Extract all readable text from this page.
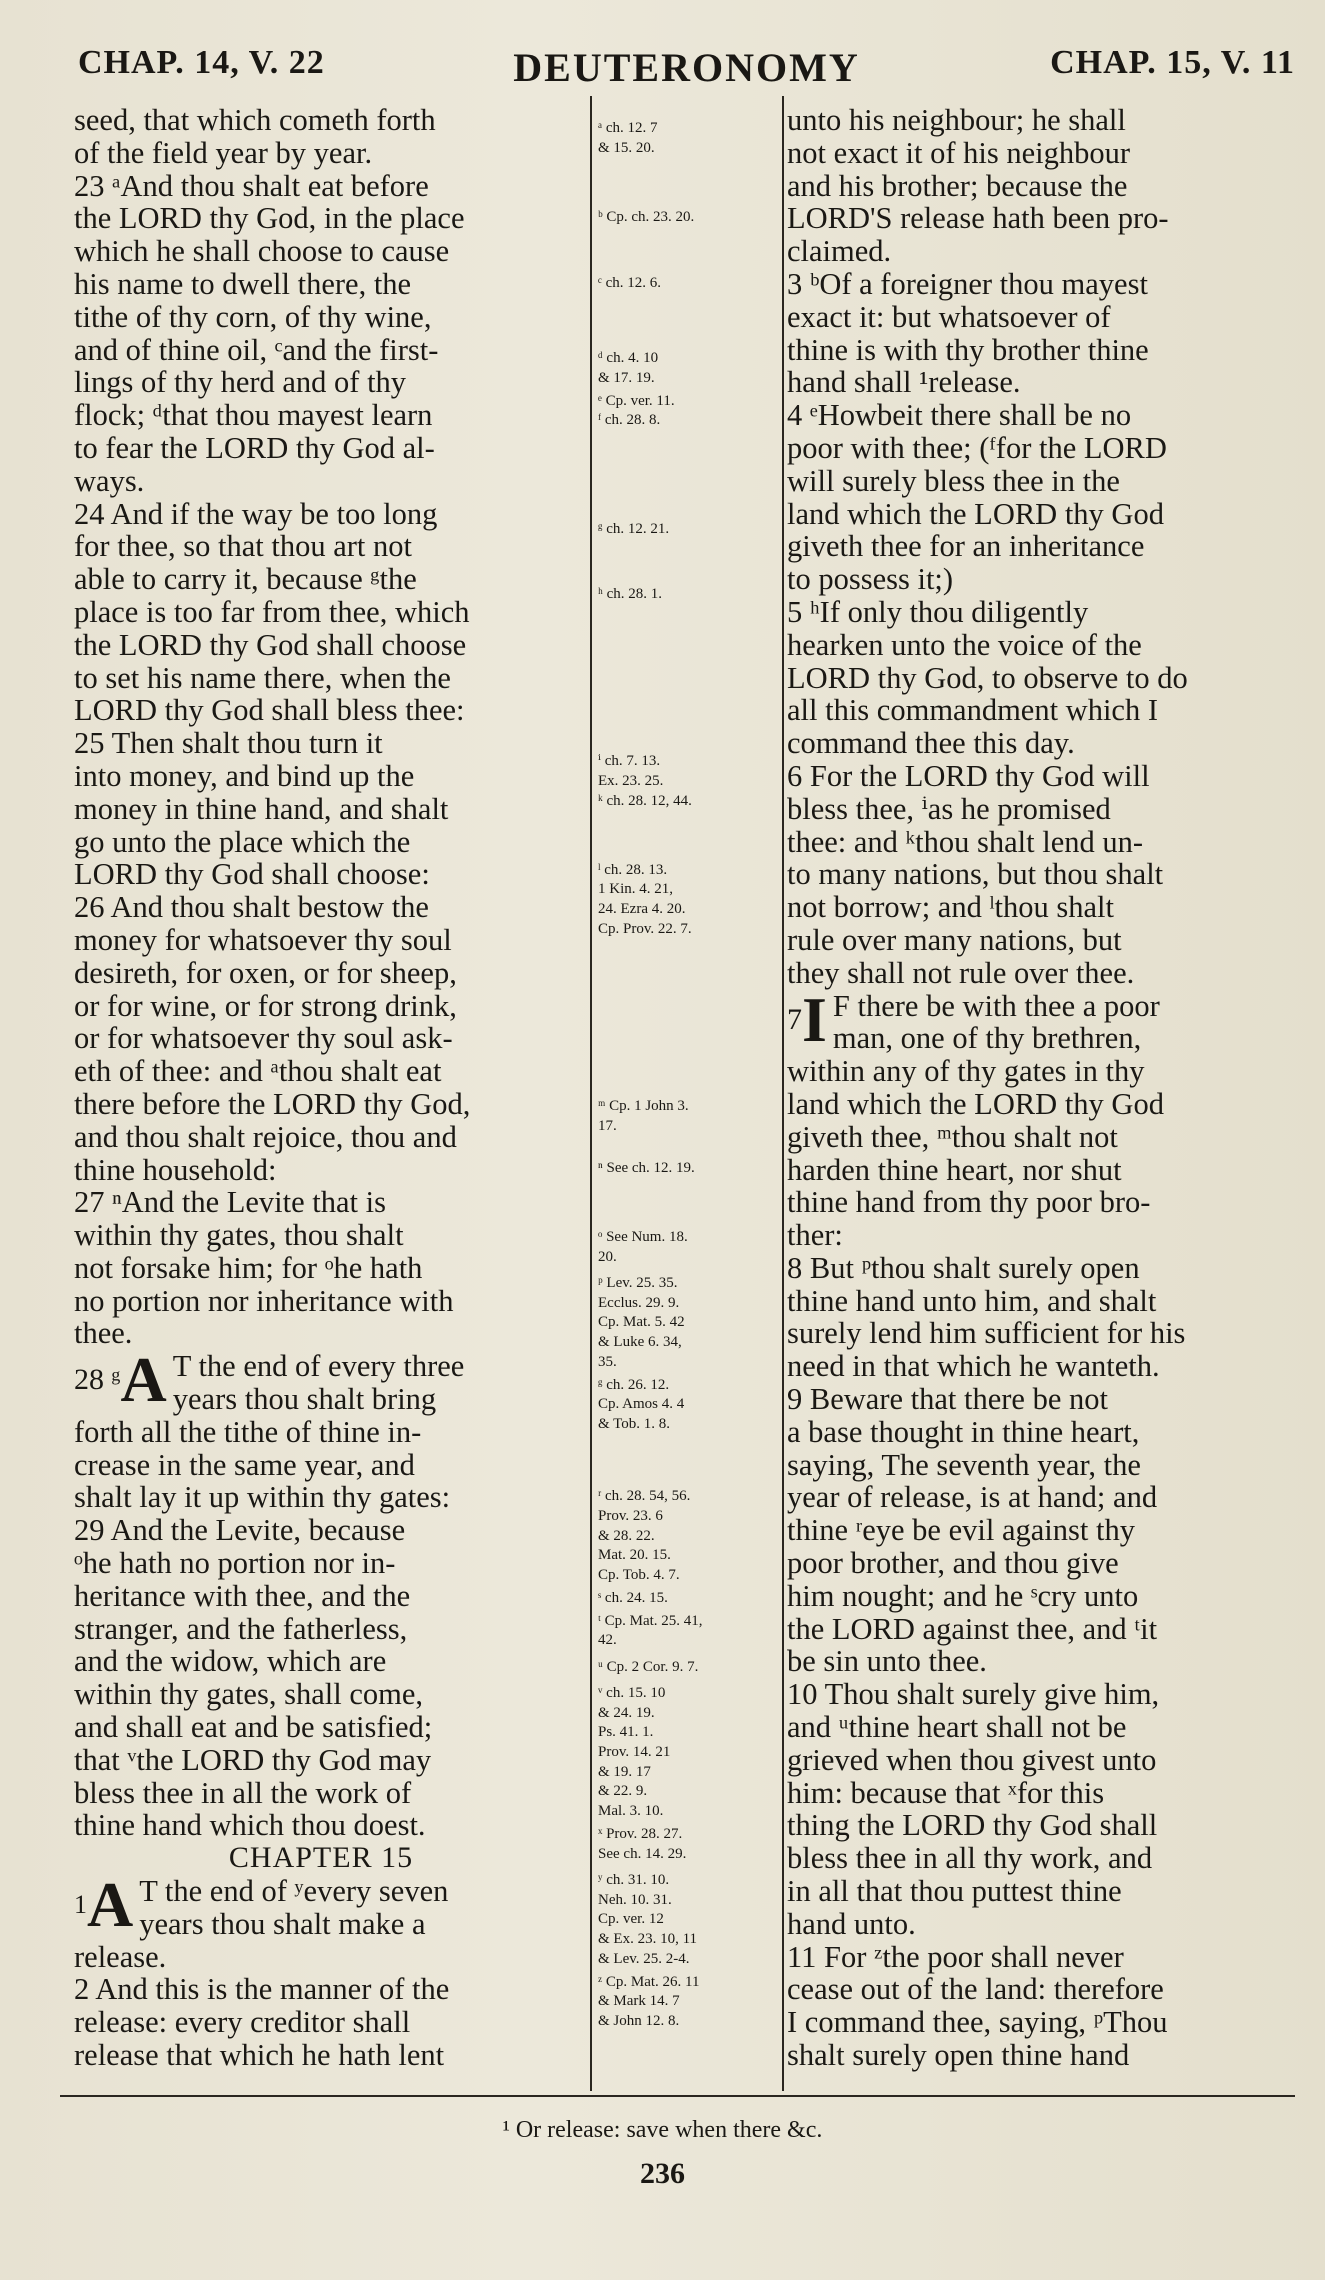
CHAP. 14, V. 22	DEUTERONOMY	CHAP. 15, V. 11
seed, that which cometh forth
of the field year by year.
23 ᵃAnd thou shalt eat before
the LORD thy God, in the place
which he shall choose to cause
his name to dwell there, the
tithe of thy corn, of thy wine,
and of thine oil, ᶜand the first-
lings of thy herd and of thy
flock; ᵈthat thou mayest learn
to fear the LORD thy God al-
ways.
24 And if the way be too long
for thee, so that thou art not
able to carry it, because ᵍthe
place is too far from thee, which
the LORD thy God shall choose
to set his name there, when the
LORD thy God shall bless thee:
25 Then shalt thou turn it
into money, and bind up the
money in thine hand, and shalt
go unto the place which the
LORD thy God shall choose:
26 And thou shalt bestow the
money for whatsoever thy soul
desireth, for oxen, or for sheep,
or for wine, or for strong drink,
or for whatsoever thy soul ask-
eth of thee: and ᵃthou shalt eat
there before the LORD thy God,
and thou shalt rejoice, thou and
thine household:
27 ⁿAnd the Levite that is
within thy gates, thou shalt
not forsake him; for ᵒhe hath
no portion nor inheritance with
thee.
$^{28 ᵍ}$A T the end of every three
years thou shalt bring
forth all the tithe of thine in-
crease in the same year, and
shalt lay it up within thy gates:
29 And the Levite, because
ᵒhe hath no portion nor in-
heritance with thee, and the
stranger, and the fatherless,
and the widow, which are
within thy gates, shall come,
and shall eat and be satisfied;
that ᵛthe LORD thy God may
bless thee in all the work of
thine hand which thou doest.
CHAPTER 15
$^1$A T the end of ʸevery seven
years thou shalt make a
release.
2 And this is the manner of the
release: every creditor shall
release that which he hath lent
ᵃ ch. 12. 7
& 15. 20.
ᵇ Cp. ch. 23. 20.
ᶜ ch. 12. 6.
ᵈ ch. 4. 10
& 17. 19.
ᵉ Cp. ver. 11.
ᶠ ch. 28. 8.
ᵍ ch. 12. 21.
ʰ ch. 28. 1.
ⁱ ch. 7. 13.
Ex. 23. 25.
ᵏ ch. 28. 12, 44.
ˡ ch. 28. 13.
1 Kin. 4. 21,
24. Ezra 4. 20.
Cp. Prov. 22. 7.
ᵐ Cp. 1 John 3.
17.
ⁿ See ch. 12. 19.
ᵒ See Num. 18.
20.
ᵖ Lev. 25. 35.
Ecclus. 29. 9.
Cp. Mat. 5. 42
& Luke 6. 34,
35.
ᵍ ch. 26. 12.
Cp. Amos 4. 4
& Tob. 1. 8.
ʳ ch. 28. 54, 56.
Prov. 23. 6
& 28. 22.
Mat. 20. 15.
Cp. Tob. 4. 7.
ˢ ch. 24. 15.
ᵗ Cp. Mat. 25. 41,
42.
ᵘ Cp. 2 Cor. 9. 7.
ᵛ ch. 15. 10
& 24. 19.
Ps. 41. 1.
Prov. 14. 21
& 19. 17
& 22. 9.
Mal. 3. 10.
ˣ Prov. 28. 27.
See ch. 14. 29.
ʸ ch. 31. 10.
Neh. 10. 31.
Cp. ver. 12
& Ex. 23. 10, 11
& Lev. 25. 2-4.
ᶻ Cp. Mat. 26. 11
& Mark 14. 7
& John 12. 8.
unto his neighbour; he shall
not exact it of his neighbour
and his brother; because the
LORD'S release hath been pro-
claimed.
3 ᵇOf a foreigner thou mayest
exact it: but whatsoever of
thine is with thy brother thine
hand shall ¹release.
4 ᵉHowbeit there shall be no
poor with thee; (ᶠfor the LORD
will surely bless thee in the
land which the LORD thy God
giveth thee for an inheritance
to possess it;)
5 ʰIf only thou diligently
hearken unto the voice of the
LORD thy God, to observe to do
all this commandment which I
command thee this day.
6 For the LORD thy God will
bless thee, ⁱas he promised
thee: and ᵏthou shalt lend un-
to many nations, but thou shalt
not borrow; and ˡthou shalt
rule over many nations, but
they shall not rule over thee.
$^7$I F there be with thee a poor
man, one of thy brethren,
within any of thy gates in thy
land which the LORD thy God
giveth thee, ᵐthou shalt not
harden thine heart, nor shut
thine hand from thy poor bro-
ther:
8 But ᵖthou shalt surely open
thine hand unto him, and shalt
surely lend him sufficient for his
need in that which he wanteth.
9 Beware that there be not
a base thought in thine heart,
saying, The seventh year, the
year of release, is at hand; and
thine ʳeye be evil against thy
poor brother, and thou give
him nought; and he ˢcry unto
the LORD against thee, and ᵗit
be sin unto thee.
10 Thou shalt surely give him,
and ᵘthine heart shall not be
grieved when thou givest unto
him: because that ˣfor this
thing the LORD thy God shall
bless thee in all thy work, and
in all that thou puttest thine
hand unto.
11 For ᶻthe poor shall never
cease out of the land: therefore
I command thee, saying, ᵖThou
shalt surely open thine hand
¹ Or release: save when there &c.
236
